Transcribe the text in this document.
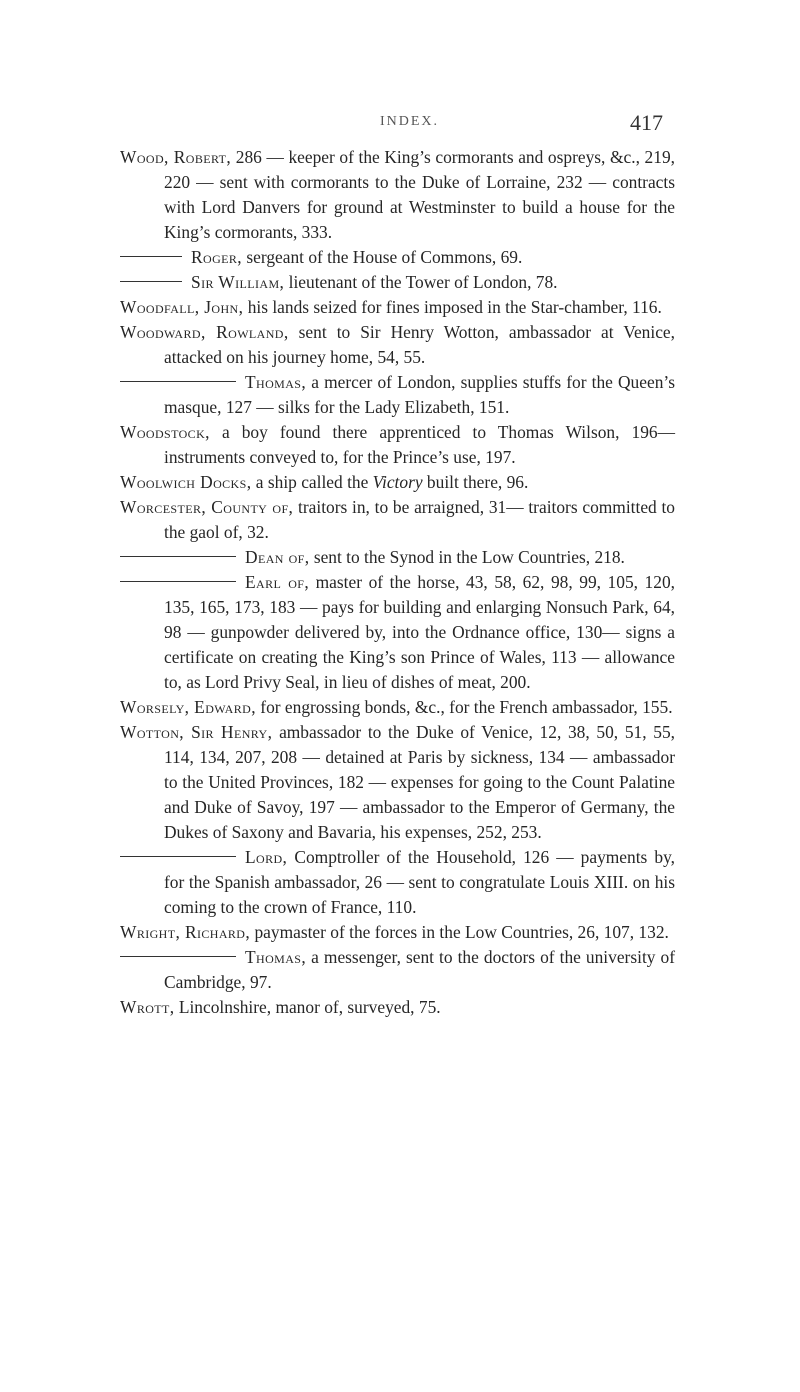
INDEX.	417

Wood, Robert, 286 — keeper of the King’s cormorants and ospreys, &c., 219, 220 — sent with cormorants to the Duke of Lorraine, 232 — contracts with Lord Danvers for ground at Westminster to build a house for the King’s cormorants, 333.

Roger, sergeant of the House of Commons, 69.

Sir William, lieutenant of the Tower of London, 78.

Woodfall, John, his lands seized for fines imposed in the Star-chamber, 116.

Woodward, Rowland, sent to Sir Henry Wotton, ambassador at Venice, attacked on his journey home, 54, 55.

Thomas, a mercer of London, supplies stuffs for the Queen’s masque, 127 — silks for the Lady Elizabeth, 151.

Woodstock, a boy found there apprenticed to Thomas Wilson, 196— instruments conveyed to, for the Prince’s use, 197.

Woolwich Docks, a ship called the Victory built there, 96.

Worcester, County of, traitors in, to be arraigned, 31— traitors committed to the gaol of, 32.

Dean of, sent to the Synod in the Low Countries, 218.

Earl of, master of the horse, 43, 58, 62, 98, 99, 105, 120, 135, 165, 173, 183 — pays for building and enlarging Nonsuch Park, 64, 98 — gunpowder delivered by, into the Ordnance office, 130— signs a certificate on creating the King’s son Prince of Wales, 113 — allowance to, as Lord Privy Seal, in lieu of dishes of meat, 200.

Worsely, Edward, for engrossing bonds, &c., for the French ambassador, 155.

Wotton, Sir Henry, ambassador to the Duke of Venice, 12, 38, 50, 51, 55, 114, 134, 207, 208 — detained at Paris by sickness, 134 — ambassador to the United Provinces, 182 — expenses for going to the Count Palatine and Duke of Savoy, 197 — ambassador to the Emperor of Germany, the Dukes of Saxony and Bavaria, his expenses, 252, 253.

Lord, Comptroller of the Household, 126 — payments by, for the Spanish ambassador, 26 — sent to congratulate Louis XIII. on his coming to the crown of France, 110.

Wright, Richard, paymaster of the forces in the Low Countries, 26, 107, 132.

Thomas, a messenger, sent to the doctors of the university of Cambridge, 97.

Wrott, Lincolnshire, manor of, surveyed, 75.
